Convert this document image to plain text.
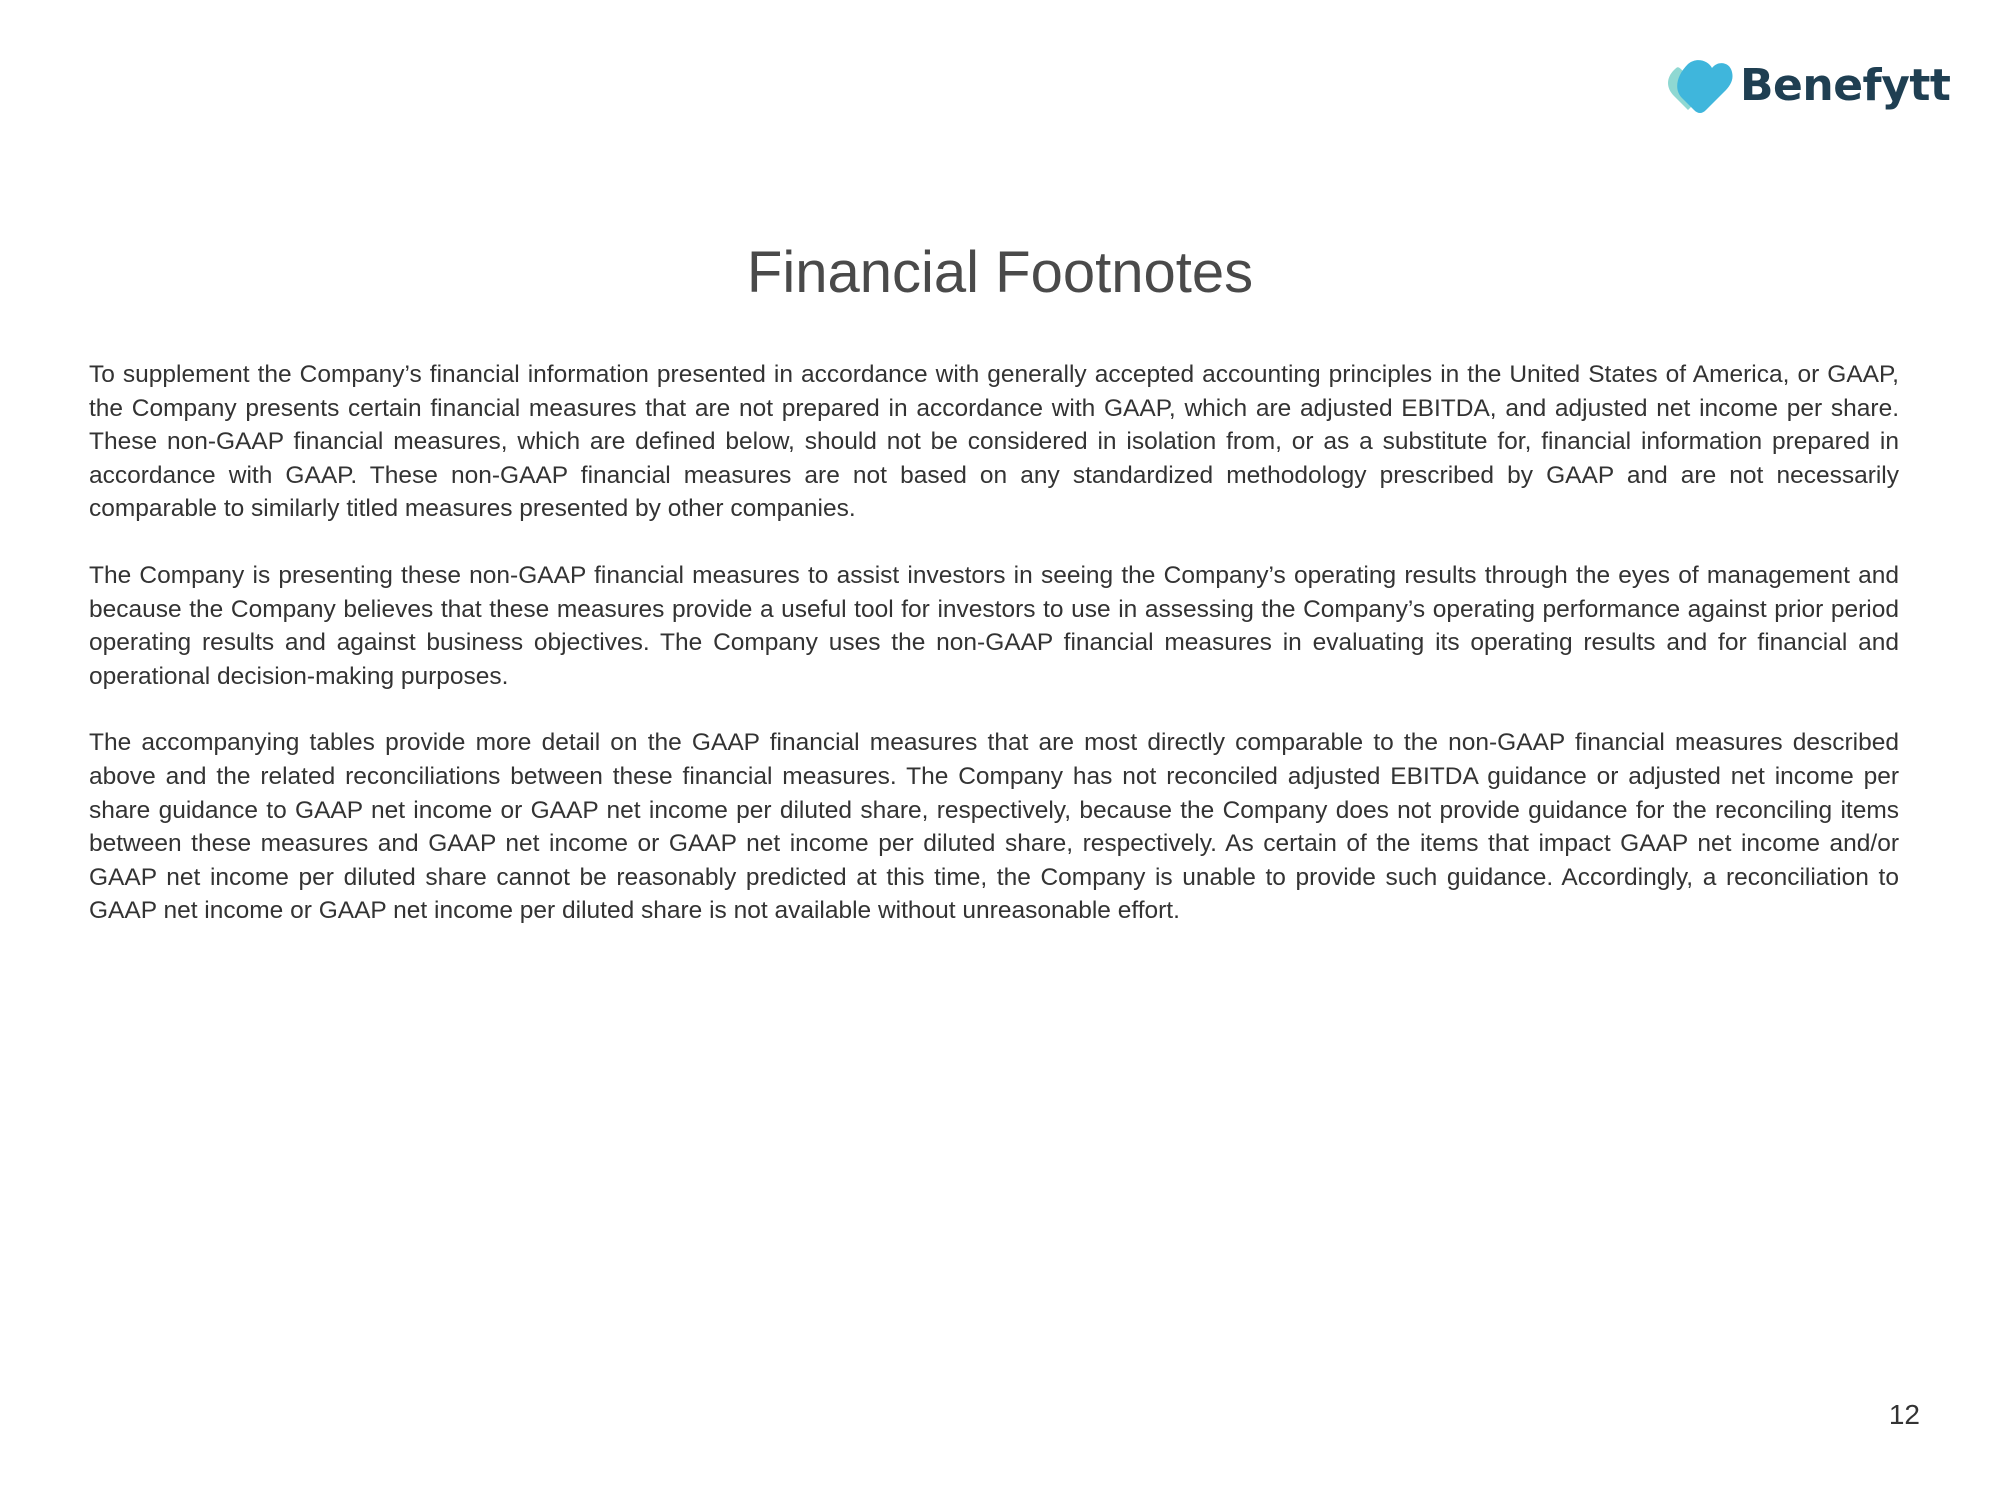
Benefytt
Financial Footnotes

To supplement the Company’s financial information presented in accordance with generally accepted accounting principles in the United States of America, or GAAP, the Company presents certain financial measures that are not prepared in accordance with GAAP, which are adjusted EBITDA, and adjusted net income per share. These non-GAAP financial measures, which are defined below, should not be considered in isolation from, or as a substitute for, financial information prepared in accordance with GAAP. These non-GAAP financial measures are not based on any standardized methodology prescribed by GAAP and are not necessarily comparable to similarly titled measures presented by other companies.

The Company is presenting these non-GAAP financial measures to assist investors in seeing the Company’s operating results through the eyes of management and because the Company believes that these measures provide a useful tool for investors to use in assessing the Company’s operating performance against prior period operating results and against business objectives. The Company uses the non-GAAP financial measures in evaluating its operating results and for financial and operational decision-making purposes.

The accompanying tables provide more detail on the GAAP financial measures that are most directly comparable to the non-GAAP financial measures described above and the related reconciliations between these financial measures. The Company has not reconciled adjusted EBITDA guidance or adjusted net income per share guidance to GAAP net income or GAAP net income per diluted share, respectively, because the Company does not provide guidance for the reconciling items between these measures and GAAP net income or GAAP net income per diluted share, respectively. As certain of the items that impact GAAP net income and/or GAAP net income per diluted share cannot be reasonably predicted at this time, the Company is unable to provide such guidance. Accordingly, a reconciliation to GAAP net income or GAAP net income per diluted share is not available without unreasonable effort.

12
